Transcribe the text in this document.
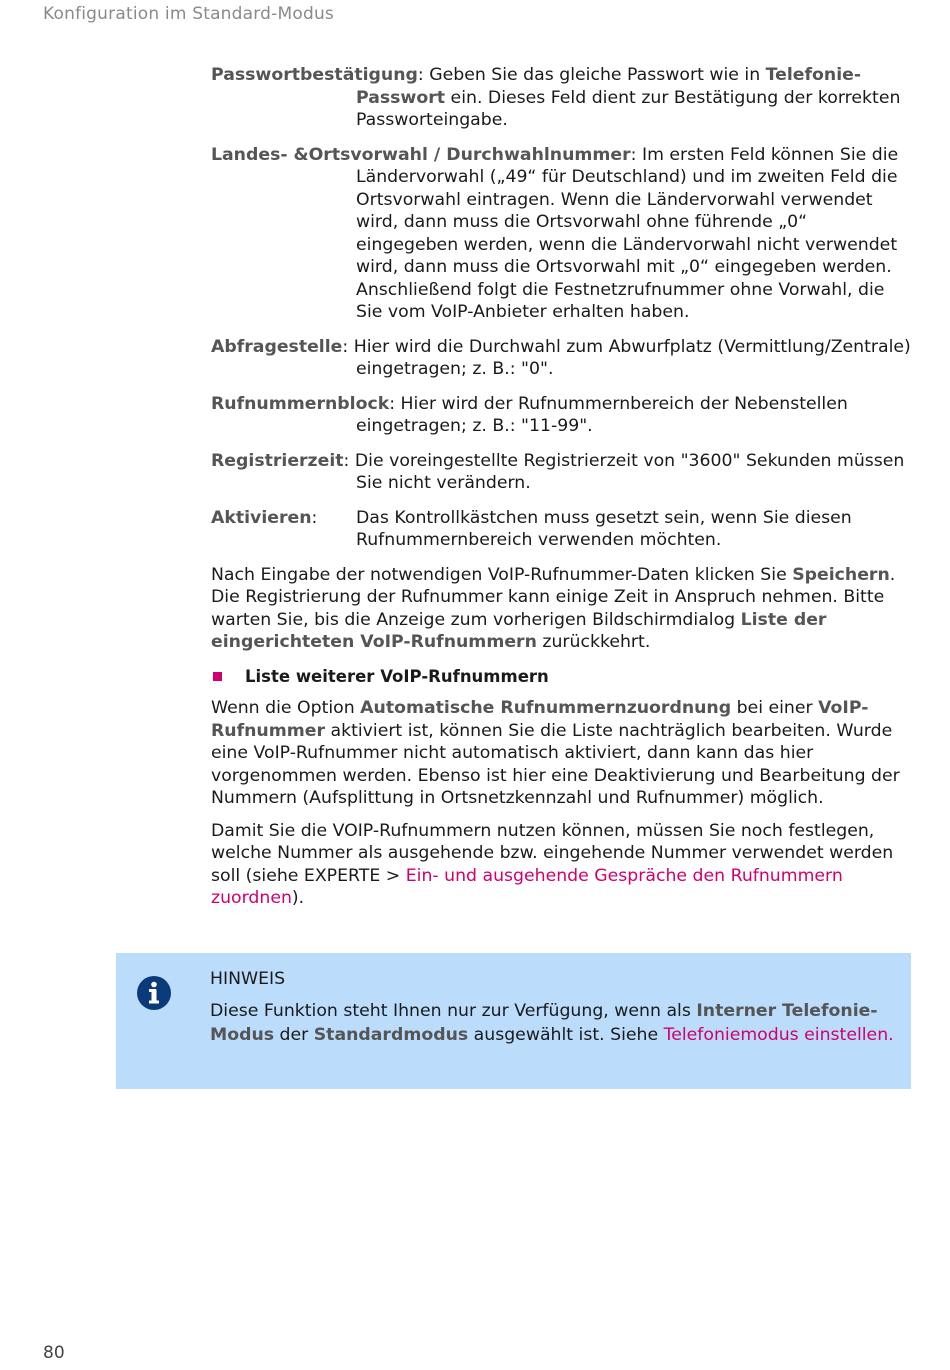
Konfiguration im Standard-Modus
Passwortbestätigung: Geben Sie das gleiche Passwort wie in Telefonie-Passwort ein. Dieses Feld dient zur Bestätigung der korrekten Passworteingabe.
Landes- &Ortsvorwahl / Durchwahlnummer: Im ersten Feld können Sie die Ländervorwahl („49“ für Deutschland) und im zweiten Feld die Ortsvorwahl eintragen. Wenn die Ländervorwahl verwendet wird, dann muss die Ortsvorwahl ohne führende „0“ eingegeben werden, wenn die Ländervorwahl nicht verwendet wird, dann muss die Ortsvorwahl mit „0“ eingegeben werden. Anschließend folgt die Festnetzrufnummer ohne Vorwahl, die Sie vom VoIP-Anbieter erhalten haben.
Abfragestelle: Hier wird die Durchwahl zum Abwurfplatz (Vermittlung/Zentrale) eingetragen; z. B.: "0".
Rufnummernblock: Hier wird der Rufnummernbereich der Nebenstellen eingetragen; z. B.: "11-99".
Registrierzeit: Die voreingestellte Registrierzeit von "3600" Sekunden müssen Sie nicht verändern.
Aktivieren: Das Kontrollkästchen muss gesetzt sein, wenn Sie diesen Rufnummernbereich verwenden möchten.

Nach Eingabe der notwendigen VoIP-Rufnummer-Daten klicken Sie Speichern. Die Registrierung der Rufnummer kann einige Zeit in Anspruch nehmen. Bitte warten Sie, bis die Anzeige zum vorherigen Bildschirmdialog Liste der eingerichteten VoIP-Rufnummern zurückkehrt.

Liste weiterer VoIP-Rufnummern

Wenn die Option Automatische Rufnummernzuordnung bei einer VoIP-Rufnummer aktiviert ist, können Sie die Liste nachträglich bearbeiten. Wurde eine VoIP-Rufnummer nicht automatisch aktiviert, dann kann das hier vorgenommen werden. Ebenso ist hier eine Deaktivierung und Bearbeitung der Nummern (Aufsplittung in Ortsnetzkennzahl und Rufnummer) möglich.

Damit Sie die VOIP-Rufnummern nutzen können, müssen Sie noch festlegen, welche Nummer als ausgehende bzw. eingehende Nummer verwendet werden soll (siehe EXPERTE > Ein- und ausgehende Gespräche den Rufnummern zuordnen).

HINWEIS
Diese Funktion steht Ihnen nur zur Verfügung, wenn als Interner Telefonie-Modus der Standardmodus ausgewählt ist. Siehe Telefoniemodus einstellen.
80
